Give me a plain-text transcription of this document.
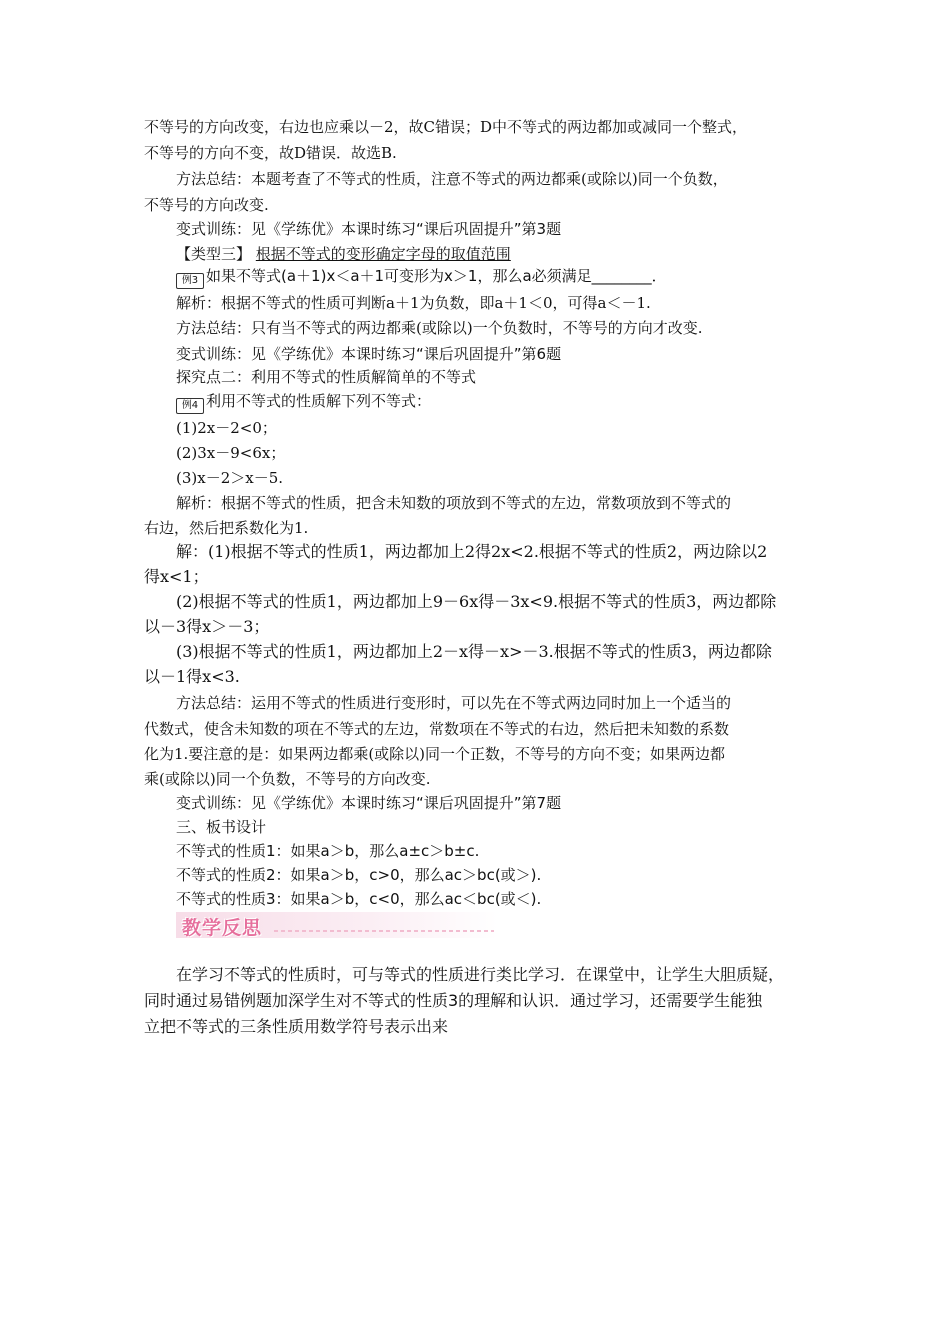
不等号的方向改变，右边也应乘以－2，故C错误；D中不等式的两边都加或减同一个整式，
不等号的方向不变，故D错误．故选B.
方法总结：本题考查了不等式的性质，注意不等式的两边都乘(或除以)同一个负数，
不等号的方向改变.
变式训练：见《学练优》本课时练习“课后巩固提升”第3题
【类型三】 根据不等式的变形确定字母的取值范围
例3 如果不等式(a＋1)x＜a＋1可变形为x＞1，那么a必须满足________．
解析：根据不等式的性质可判断a＋1为负数，即a＋1＜0，可得a＜－1.
方法总结：只有当不等式的两边都乘(或除以)一个负数时，不等号的方向才改变.
变式训练：见《学练优》本课时练习“课后巩固提升”第6题
探究点二：利用不等式的性质解简单的不等式
例4 利用不等式的性质解下列不等式：
(1)2x－2<0；
(2)3x－9<6x；
(3)x－2＞x－5.
解析：根据不等式的性质，把含未知数的项放到不等式的左边，常数项放到不等式的
右边，然后把系数化为1.
解：(1)根据不等式的性质1，两边都加上2得2x<2.根据不等式的性质2，两边除以2
得x<1；
(2)根据不等式的性质1，两边都加上9－6x得－3x<9.根据不等式的性质3，两边都除
以－3得x＞－3；
(3)根据不等式的性质1，两边都加上2－x得－x>－3.根据不等式的性质3，两边都除
以－1得x<3.
方法总结：运用不等式的性质进行变形时，可以先在不等式两边同时加上一个适当的
代数式，使含未知数的项在不等式的左边，常数项在不等式的右边，然后把未知数的系数
化为1.要注意的是：如果两边都乘(或除以)同一个正数，不等号的方向不变；如果两边都
乘(或除以)同一个负数，不等号的方向改变.
变式训练：见《学练优》本课时练习“课后巩固提升”第7题
三、板书设计
不等式的性质1：如果a＞b，那么a±c＞b±c.
不等式的性质2：如果a＞b，c>0，那么ac＞bc(或＞).
不等式的性质3：如果a＞b，c<0，那么ac＜bc(或＜).
教学反思
在学习不等式的性质时，可与等式的性质进行类比学习．在课堂中，让学生大胆质疑，
同时通过易错例题加深学生对不等式的性质3的理解和认识．通过学习，还需要学生能独
立把不等式的三条性质用数学符号表示出来
